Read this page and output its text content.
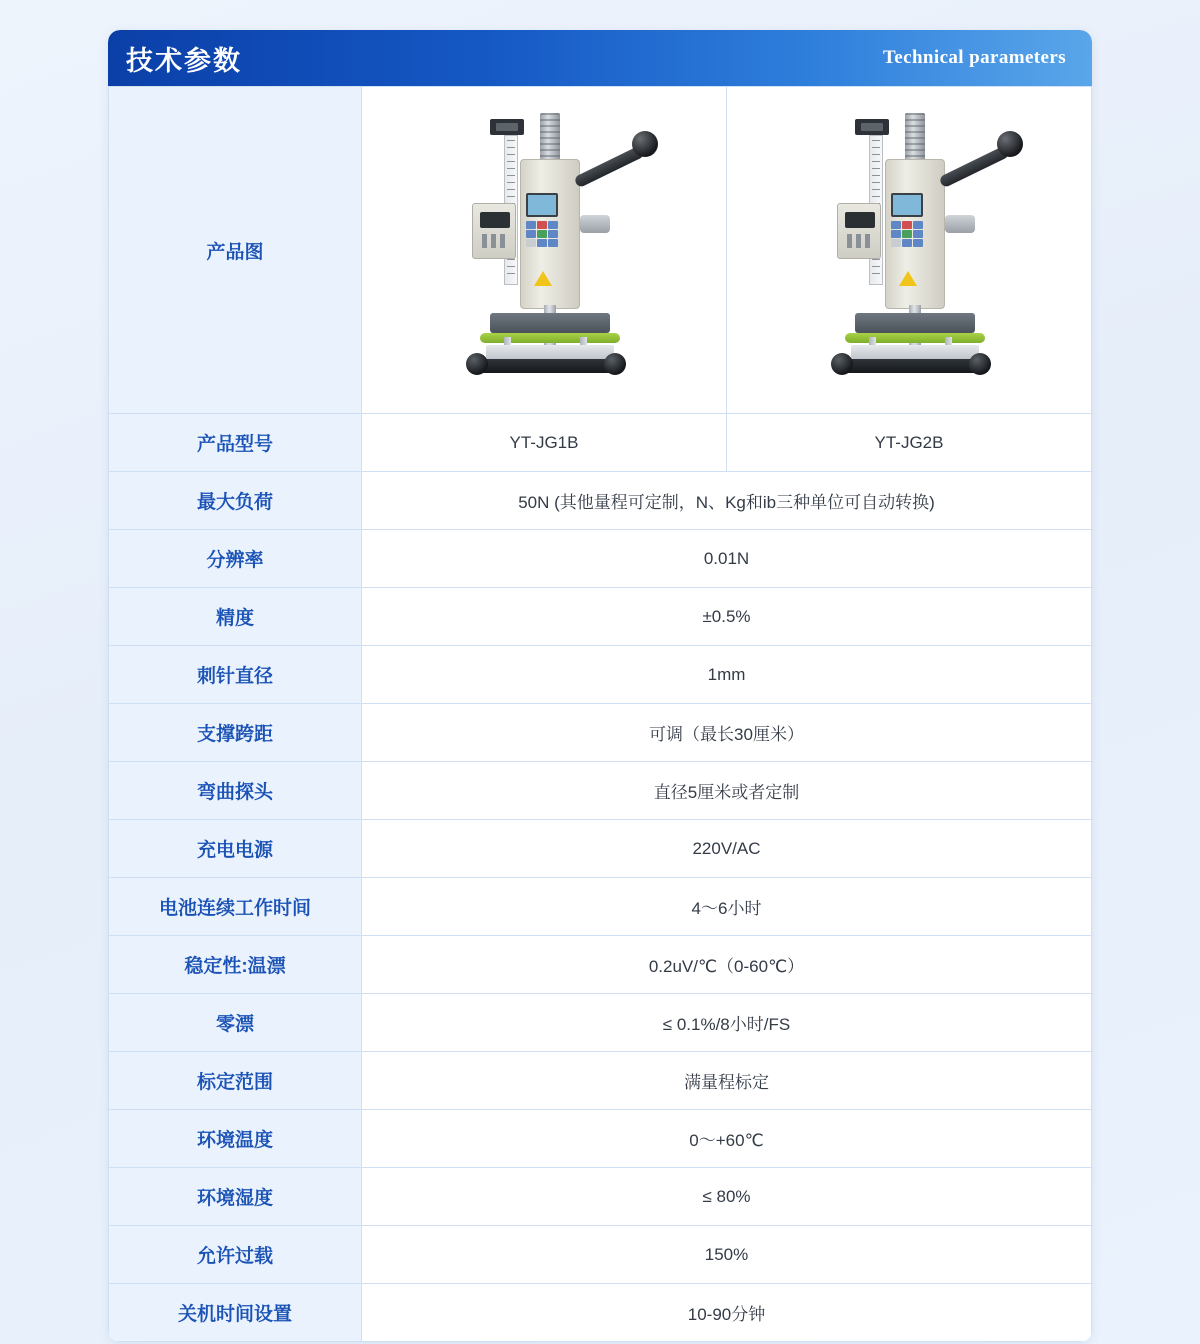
技术参数	Technical parameters
产品图	

产品型号	YT-JG1B	YT-JG2B
最大负荷	50N (其他量程可定制，N、Kg和ib三种单位可自动转换)	
分辨率	0.01N	
精度	±0.5%	
刺针直径	1mm	
支撑跨距	可调（最长30厘米）	
弯曲探头	直径5厘米或者定制	
充电电源	220V/AC	
电池连续工作时间	4～6小时	
稳定性:温漂	0.2uV/℃（0-60℃）	
零漂	≤ 0.1%/8小时/FS	
标定范围	满量程标定	
环境温度	0～+60℃	
环境湿度	≤ 80%	
允许过载	150%	
关机时间设置	10-90分钟	
